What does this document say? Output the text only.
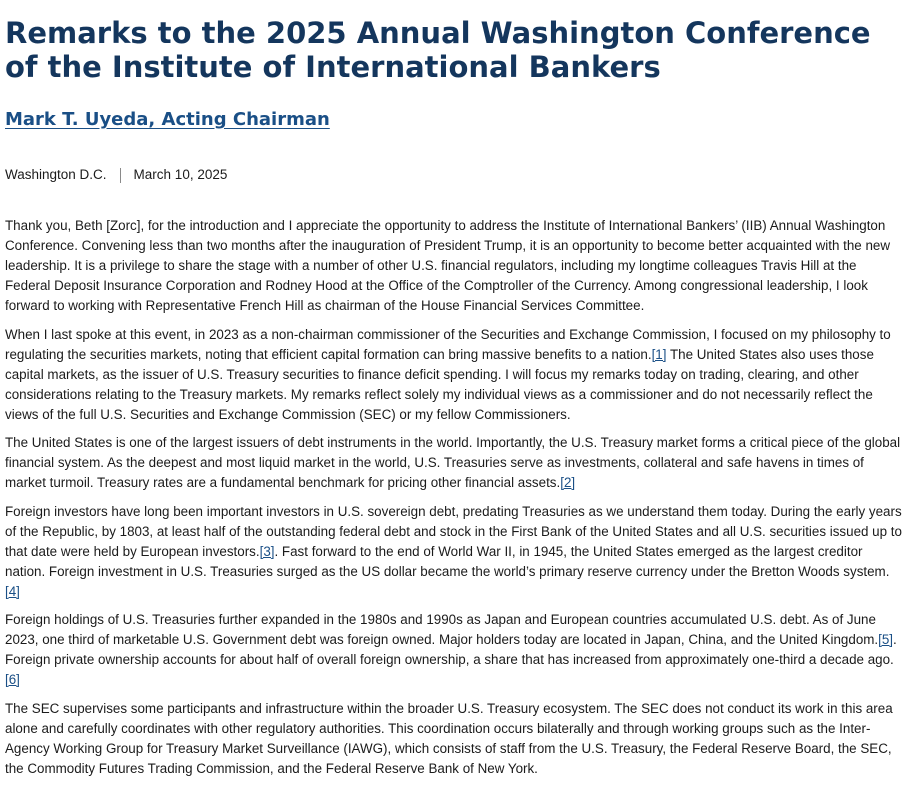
Remarks to the 2025 Annual Washington Conference of the Institute of International Bankers
Mark T. Uyeda, Acting Chairman
Washington D.C. March 10, 2025

Thank you, Beth [Zorc], for the introduction and I appreciate the opportunity to address the Institute of International Bankers’ (IIB) Annual Washington Conference. Convening less than two months after the inauguration of President Trump, it is an opportunity to become better acquainted with the new leadership. It is a privilege to share the stage with a number of other U.S. financial regulators, including my longtime colleagues Travis Hill at the Federal Deposit Insurance Corporation and Rodney Hood at the Office of the Comptroller of the Currency. Among congressional leadership, I look forward to working with Representative French Hill as chairman of the House Financial Services Committee.

When I last spoke at this event, in 2023 as a non-chairman commissioner of the Securities and Exchange Commission, I focused on my philosophy to regulating the securities markets, noting that efficient capital formation can bring massive benefits to a nation.[1] The United States also uses those capital markets, as the issuer of U.S. Treasury securities to finance deficit spending. I will focus my remarks today on trading, clearing, and other considerations relating to the Treasury markets. My remarks reflect solely my individual views as a commissioner and do not necessarily reflect the views of the full U.S. Securities and Exchange Commission (SEC) or my fellow Commissioners.

The United States is one of the largest issuers of debt instruments in the world. Importantly, the U.S. Treasury market forms a critical piece of the global financial system. As the deepest and most liquid market in the world, U.S. Treasuries serve as investments, collateral and safe havens in times of market turmoil. Treasury rates are a fundamental benchmark for pricing other financial assets.[2]

Foreign investors have long been important investors in U.S. sovereign debt, predating Treasuries as we understand them today. During the early years of the Republic, by 1803, at least half of the outstanding federal debt and stock in the First Bank of the United States and all U.S. securities issued up to that date were held by European investors.[3]. Fast forward to the end of World War II, in 1945, the United States emerged as the largest creditor nation. Foreign investment in U.S. Treasuries surged as the US dollar became the world’s primary reserve currency under the Bretton Woods system.[4]

Foreign holdings of U.S. Treasuries further expanded in the 1980s and 1990s as Japan and European countries accumulated U.S. debt. As of June 2023, one third of marketable U.S. Government debt was foreign owned. Major holders today are located in Japan, China, and the United Kingdom.[5]. Foreign private ownership accounts for about half of overall foreign ownership, a share that has increased from approximately one-third a decade ago.[6]

The SEC supervises some participants and infrastructure within the broader U.S. Treasury ecosystem. The SEC does not conduct its work in this area alone and carefully coordinates with other regulatory authorities. This coordination occurs bilaterally and through working groups such as the Inter-Agency Working Group for Treasury Market Surveillance (IAWG), which consists of staff from the U.S. Treasury, the Federal Reserve Board, the SEC, the Commodity Futures Trading Commission, and the Federal Reserve Bank of New York.
